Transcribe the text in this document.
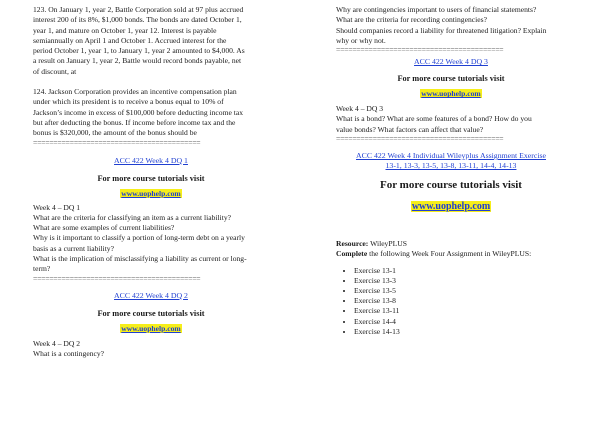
123. On January 1, year 2, Battle Corporation sold at 97 plus accrued

interest 200 of its 8%, $1,000 bonds. The bonds are dated October 1,

year 1, and mature on October 1, year 12. Interest is payable

semiannually on April 1 and October 1. Accrued interest for the

period October 1, year 1, to January 1, year 2 amounted to $4,000. As

a result on January 1, year 2, Battle would record bonds payable, net

of discount, at

124. Jackson Corporation provides an incentive compensation plan

under which its president is to receive a bonus equal to 10% of

Jackson’s income in excess of $100,000 before deducting income tax

but after deducting the bonus. If income before income tax and the

bonus is $320,000, the amount of the bonus should be

=========================================
ACC 422 Week 4 DQ 1
For more course tutorials visit
www.uophelp.com

Week 4 – DQ 1

What are the criteria for classifying an item as a current liability?

What are some examples of current liabilities?

Why is it important to classify a portion of long-term debt on a yearly

basis as a current liability?

What is the implication of misclassifying a liability as current or long-

term?

=========================================
ACC 422 Week 4 DQ 2
For more course tutorials visit
www.uophelp.com

Week 4 – DQ 2

What is a contingency?

Why are contingencies important to users of financial statements?

What are the criteria for recording contingencies?

Should companies record a liability for threatened litigation? Explain

why or why not.

=========================================
ACC 422 Week 4 DQ 3
For more course tutorials visit
www.uophelp.com

Week 4 – DQ 3

What is a bond? What are some features of a bond? How do you

value bonds? What factors can affect that value?

=========================================
ACC 422 Week 4 Individual Wileyplus Assignment Exercise
13-1, 13-3, 13-5, 13-8, 13-11, 14-4, 14-13
For more course tutorials visit
www.uophelp.com

Resource: WileyPLUS

Complete the following Week Four Assignment in WileyPLUS:

• Exercise 13-1
• Exercise 13-3
• Exercise 13-5
• Exercise 13-8
• Exercise 13-11
• Exercise 14-4
• Exercise 14-13
